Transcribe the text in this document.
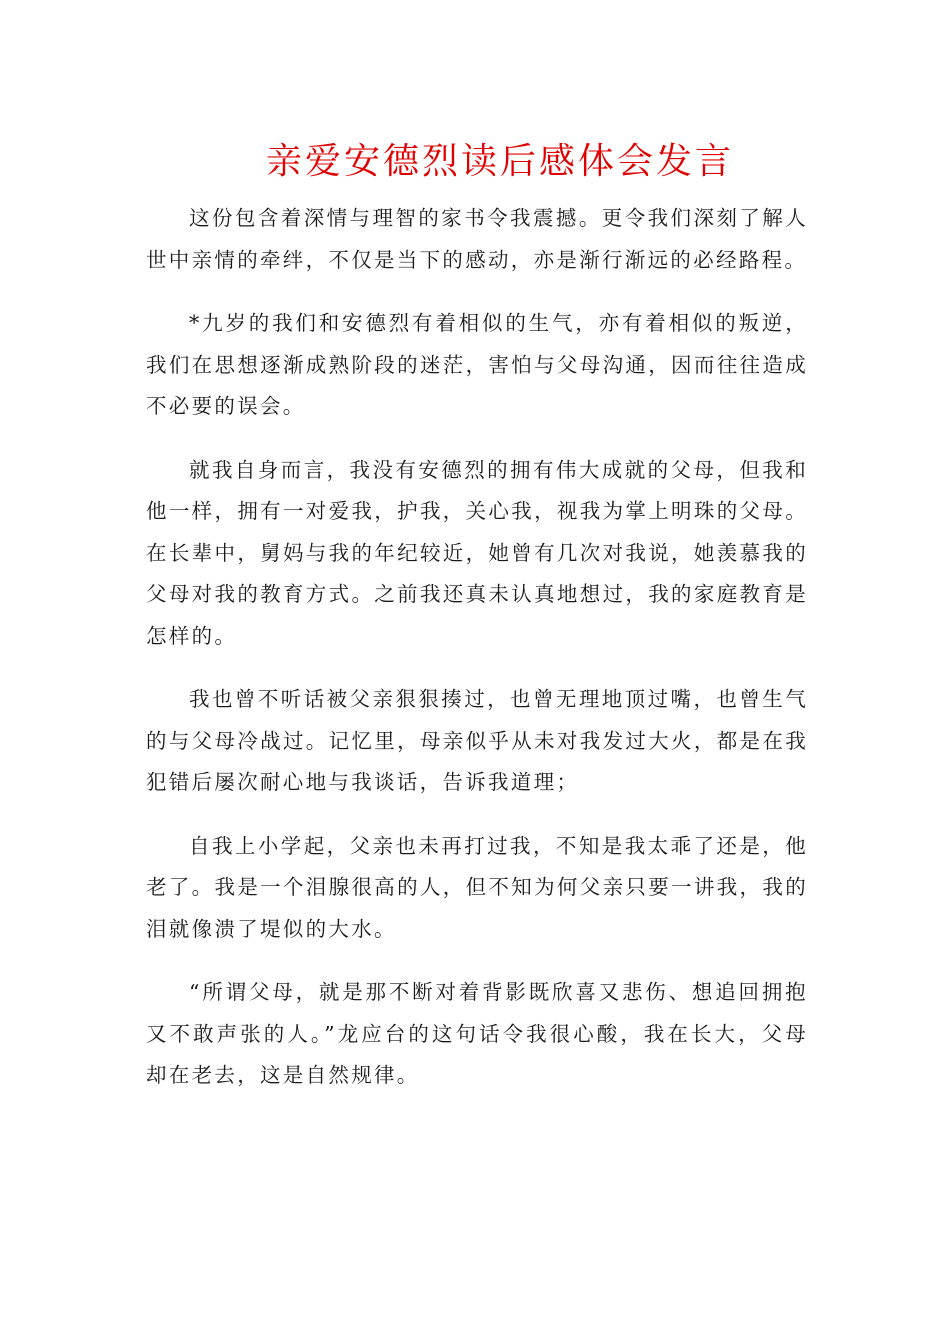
亲爱安德烈读后感体会发言

这份包含着深情与理智的家书令我震撼。更令我们深刻了解人世中亲情的牵绊，不仅是当下的感动，亦是渐行渐远的必经路程。

*九岁的我们和安德烈有着相似的生气，亦有着相似的叛逆，我们在思想逐渐成熟阶段的迷茫，害怕与父母沟通，因而往往造成不必要的误会。

就我自身而言，我没有安德烈的拥有伟大成就的父母，但我和他一样，拥有一对爱我，护我，关心我，视我为掌上明珠的父母。在长辈中，舅妈与我的年纪较近，她曾有几次对我说，她羡慕我的父母对我的教育方式。之前我还真未认真地想过，我的家庭教育是怎样的。

我也曾不听话被父亲狠狠揍过，也曾无理地顶过嘴，也曾生气的与父母冷战过。记忆里，母亲似乎从未对我发过大火，都是在我犯错后屡次耐心地与我谈话，告诉我道理；

自我上小学起，父亲也未再打过我，不知是我太乖了还是，他老了。我是一个泪腺很高的人，但不知为何父亲只要一讲我，我的泪就像溃了堤似的大水。

“所谓父母，就是那不断对着背影既欣喜又悲伤、想追回拥抱又不敢声张的人。”龙应台的这句话令我很心酸，我在长大，父母却在老去，这是自然规律。
